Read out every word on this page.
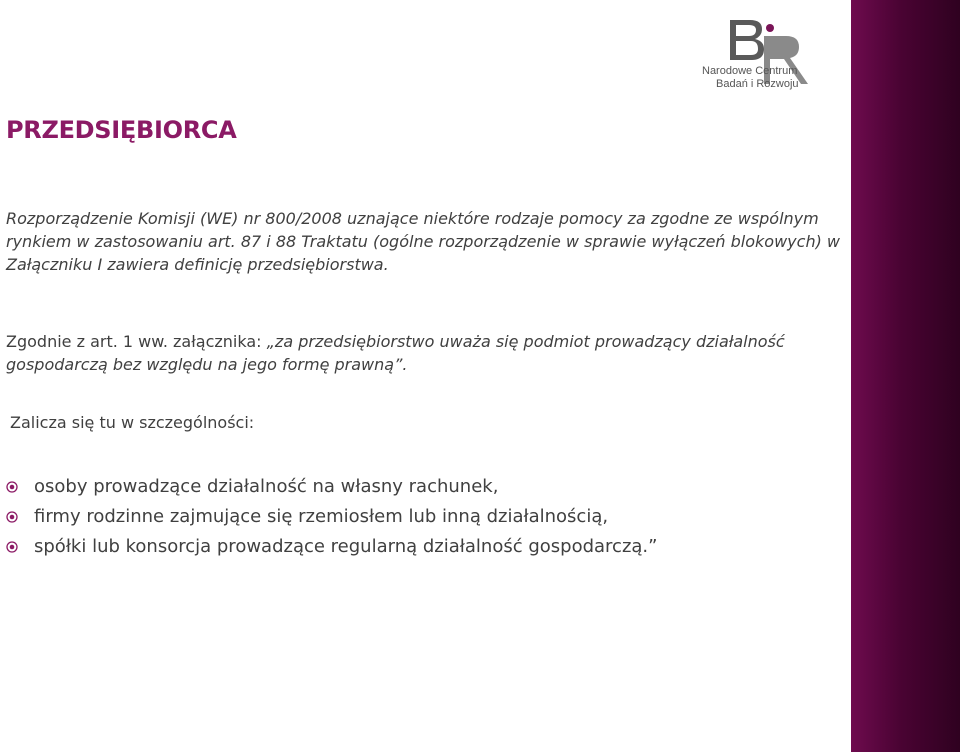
Narodowe Centrum
Badań i Rozwoju
PRZEDSIĘBIORCA

Rozporządzenie Komisji (WE) nr 800/2008 uznające niektóre rodzaje pomocy za zgodne ze wspólnym rynkiem w zastosowaniu art. 87 i 88 Traktatu (ogólne rozporządzenie w sprawie wyłączeń blokowych) w Załączniku I zawiera definicję przedsiębiorstwa.

Zgodnie z art. 1 ww. załącznika: „za przedsiębiorstwo uważa się podmiot prowadzący działalność gospodarczą bez względu na jego formę prawną”.

Zalicza się tu w szczególności:

osoby prowadzące działalność na własny rachunek,
firmy rodzinne zajmujące się rzemiosłem lub inną działalnością,
spółki lub konsorcja prowadzące regularną działalność gospodarczą.”
